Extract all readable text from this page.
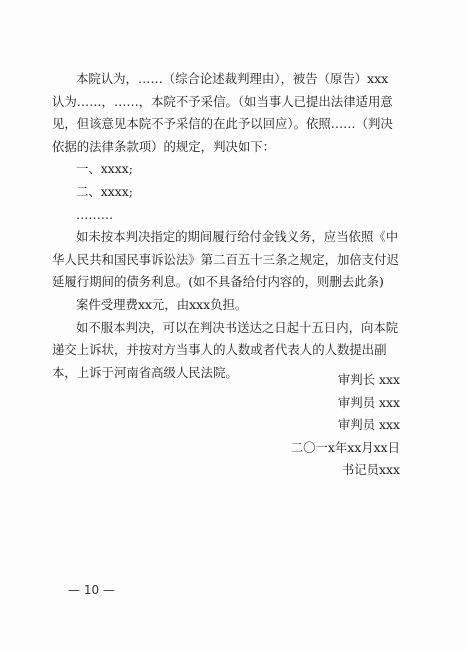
本院认为，……（综合论述裁判理由），被告（原告）xxx

认为……，……，本院不予采信。（如当事人已提出法律适用意

见，但该意见本院不予采信的在此予以回应）。依照……（判决

依据的法律条款项）的规定，判决如下：

一、xxxx;

二、xxxx;

………

如未按本判决指定的期间履行给付金钱义务，应当依照《中

华人民共和国民事诉讼法》第二百五十三条之规定，加倍支付迟

延履行期间的债务利息。(如不具备给付内容的，则删去此条)

案件受理费xx元，由xxx负担。

如不服本判决，可以在判决书送达之日起十五日内，向本院

递交上诉状，并按对方当事人的人数或者代表人的人数提出副

本，上诉于河南省高级人民法院。	审判长 xxx

审判员 xxx

审判员 xxx

二〇一x年xx月xx日

书记员xxx

— 10 —
